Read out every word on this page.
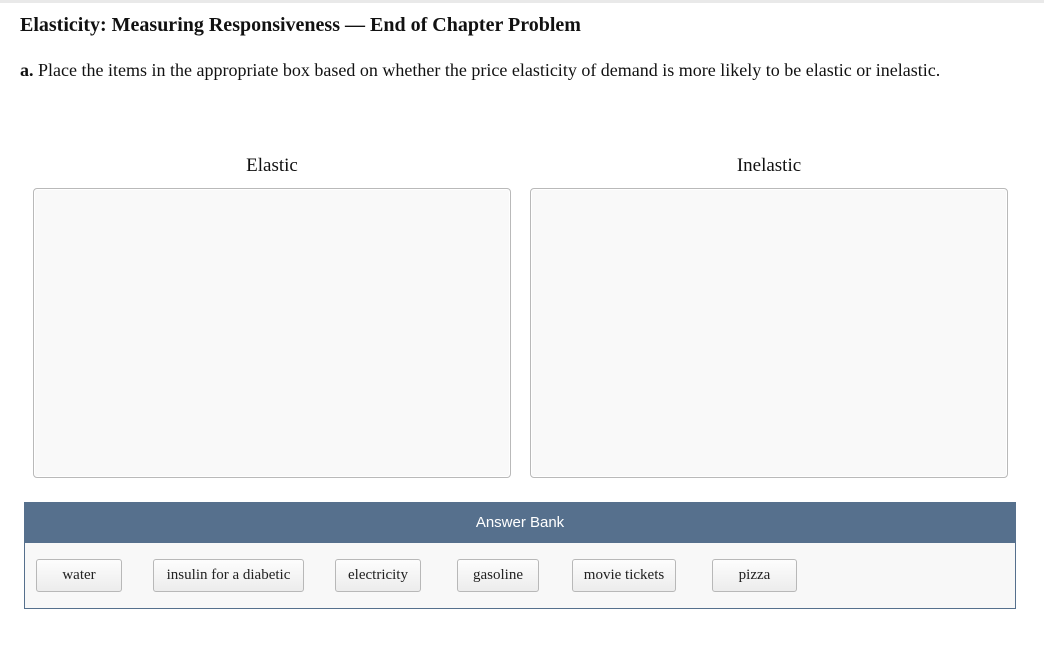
Elasticity: Measuring Responsiveness — End of Chapter Problem

a. Place the items in the appropriate box based on whether the price elasticity of demand is more likely to be elastic or inelastic.

Elastic	Inelastic
Answer Bank
water	insulin for a diabetic	electricity	gasoline	movie tickets	pizza
